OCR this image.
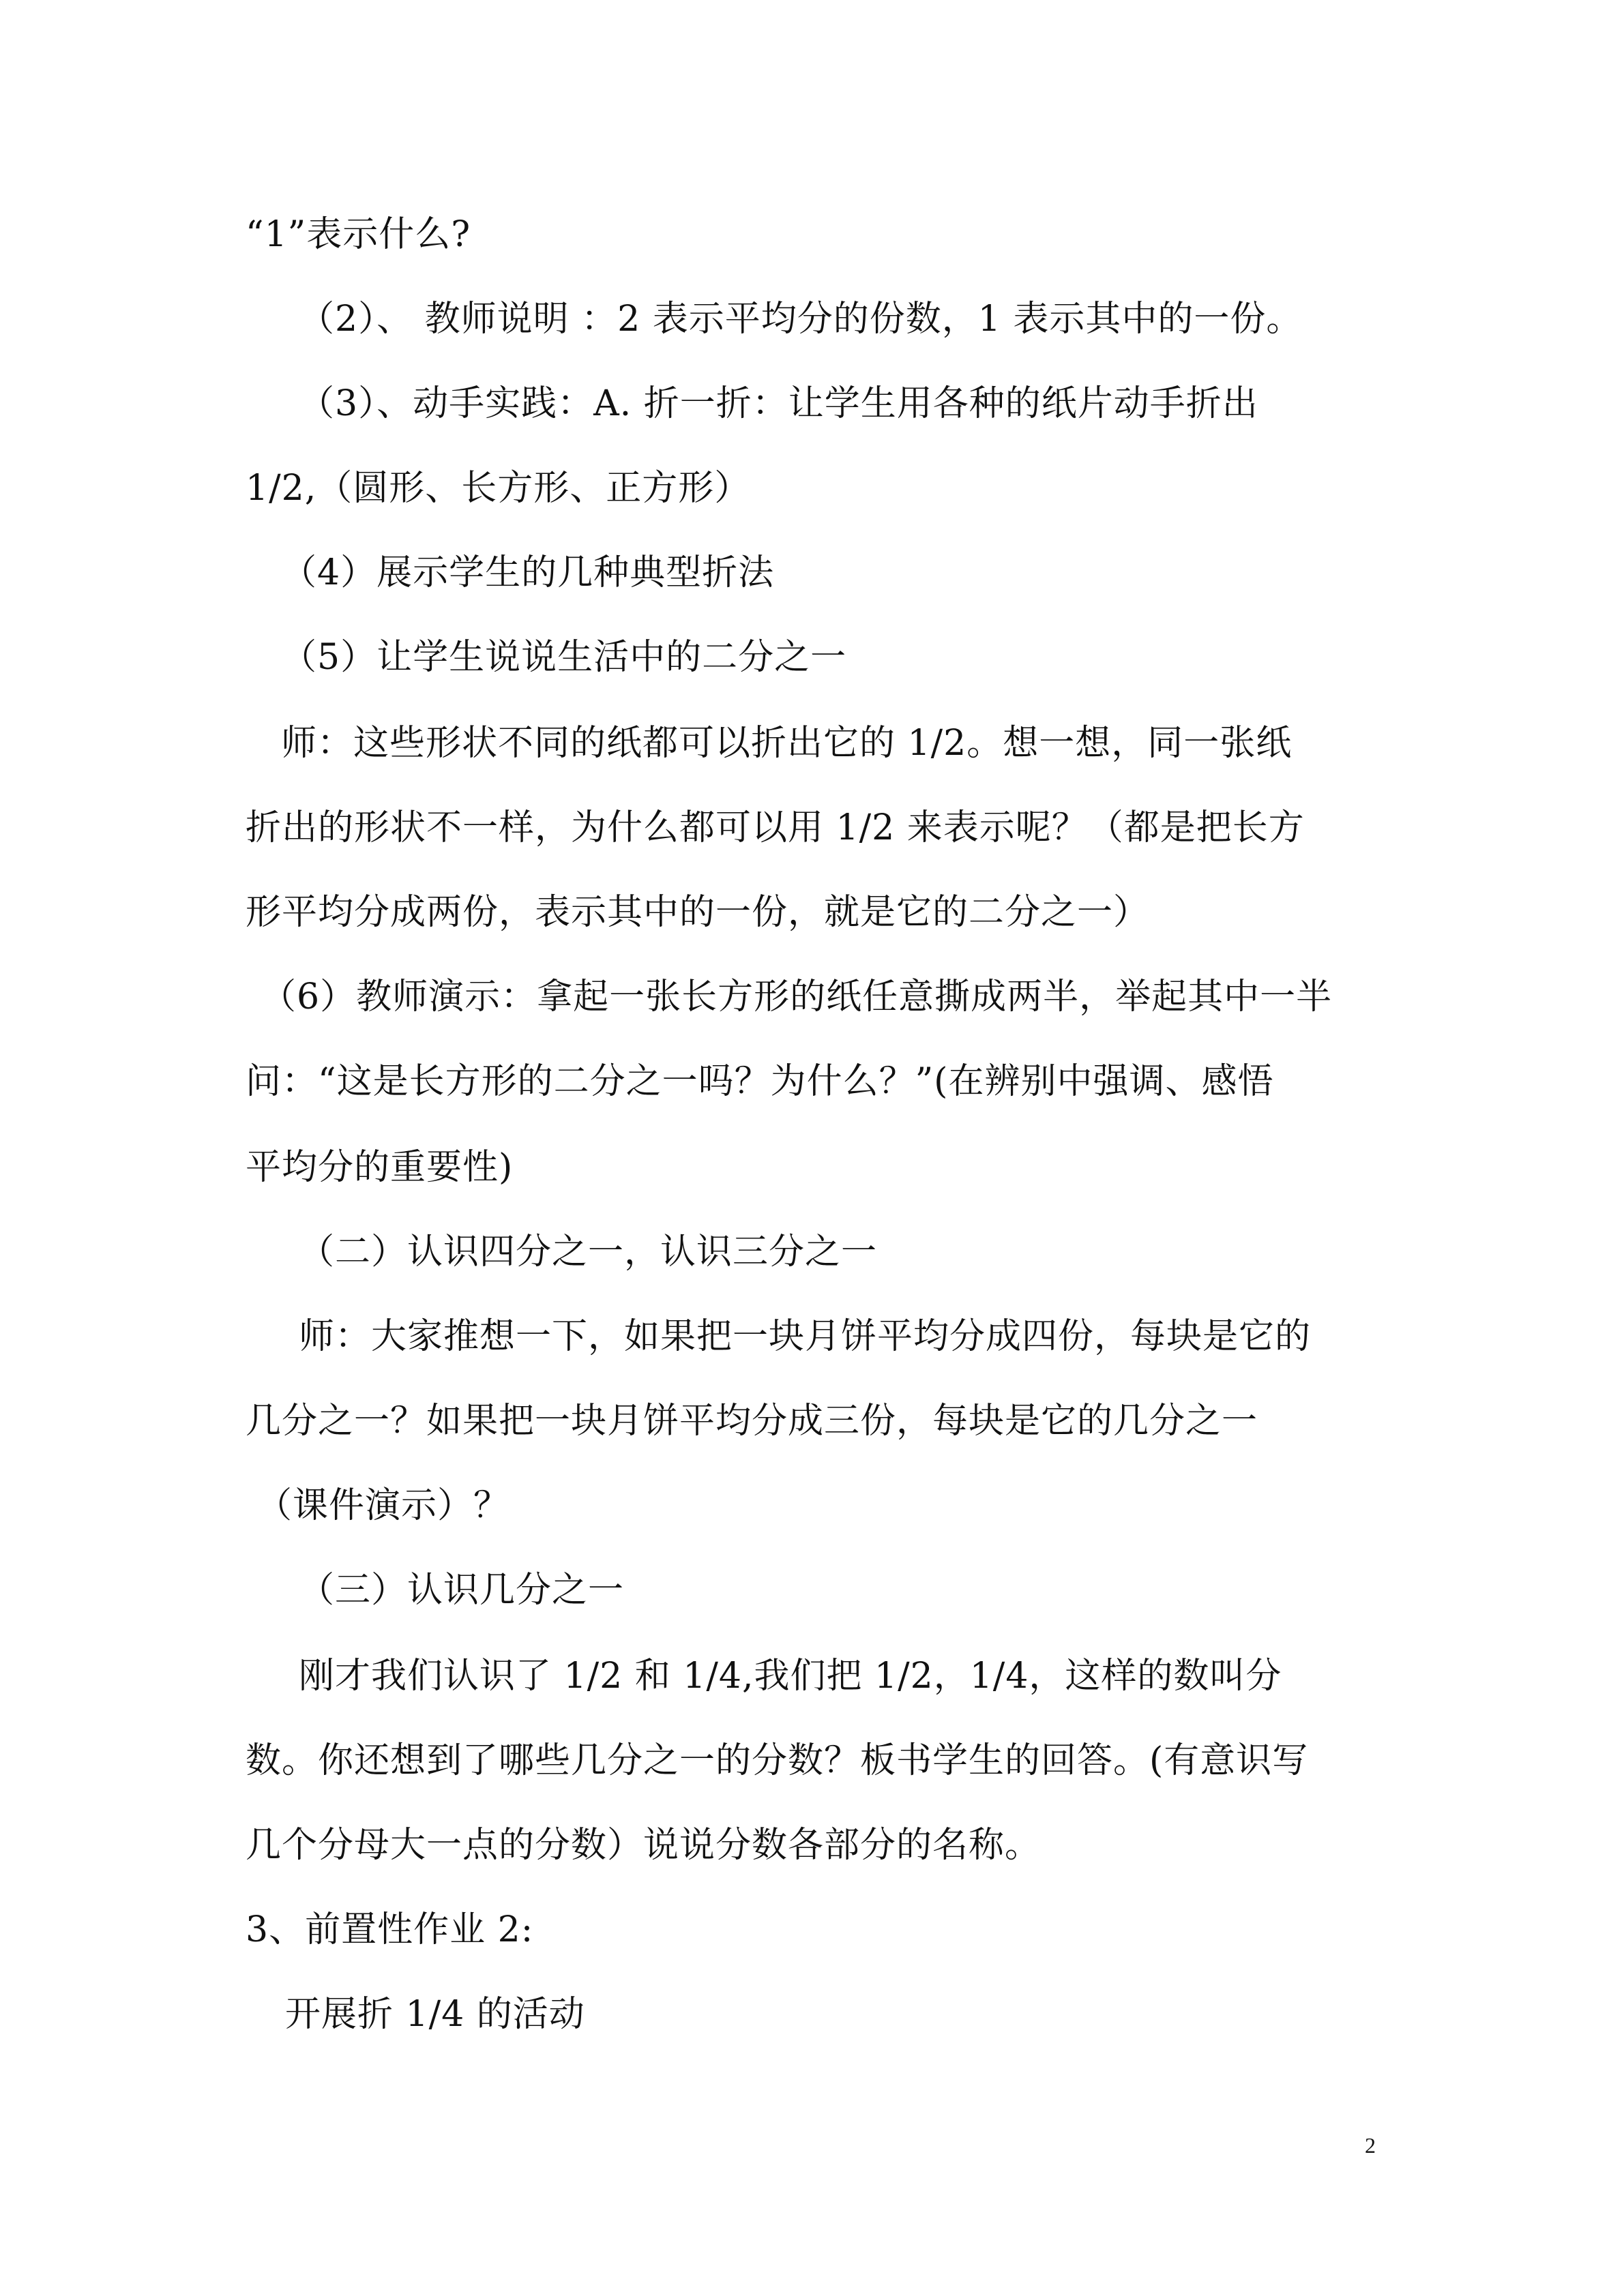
“1”表示什么?
（2）、 教师说明 ：2 表示平均分的份数，1 表示其中的一份。
（3）、动手实践：A. 折一折：让学生用各种的纸片动手折出
1/2,（圆形、长方形、正方形）
（4）展示学生的几种典型折法
（5）让学生说说生活中的二分之一
师：这些形状不同的纸都可以折出它的 1/2。想一想，同一张纸
折出的形状不一样，为什么都可以用 1/2 来表示呢？（都是把长方
形平均分成两份，表示其中的一份，就是它的二分之一）
（6）教师演示：拿起一张长方形的纸任意撕成两半，举起其中一半
问：“这是长方形的二分之一吗？为什么？”(在辨别中强调、感悟
平均分的重要性)
（二）认识四分之一，认识三分之一
师：大家推想一下，如果把一块月饼平均分成四份，每块是它的
几分之一？如果把一块月饼平均分成三份，每块是它的几分之一
（课件演示）？
（三）认识几分之一
刚才我们认识了 1/2 和 1/4,我们把 1/2，1/4，这样的数叫分
数。你还想到了哪些几分之一的分数？板书学生的回答。(有意识写
几个分母大一点的分数）说说分数各部分的名称。
3、前置性作业 2:
开展折 1/4 的活动
2
